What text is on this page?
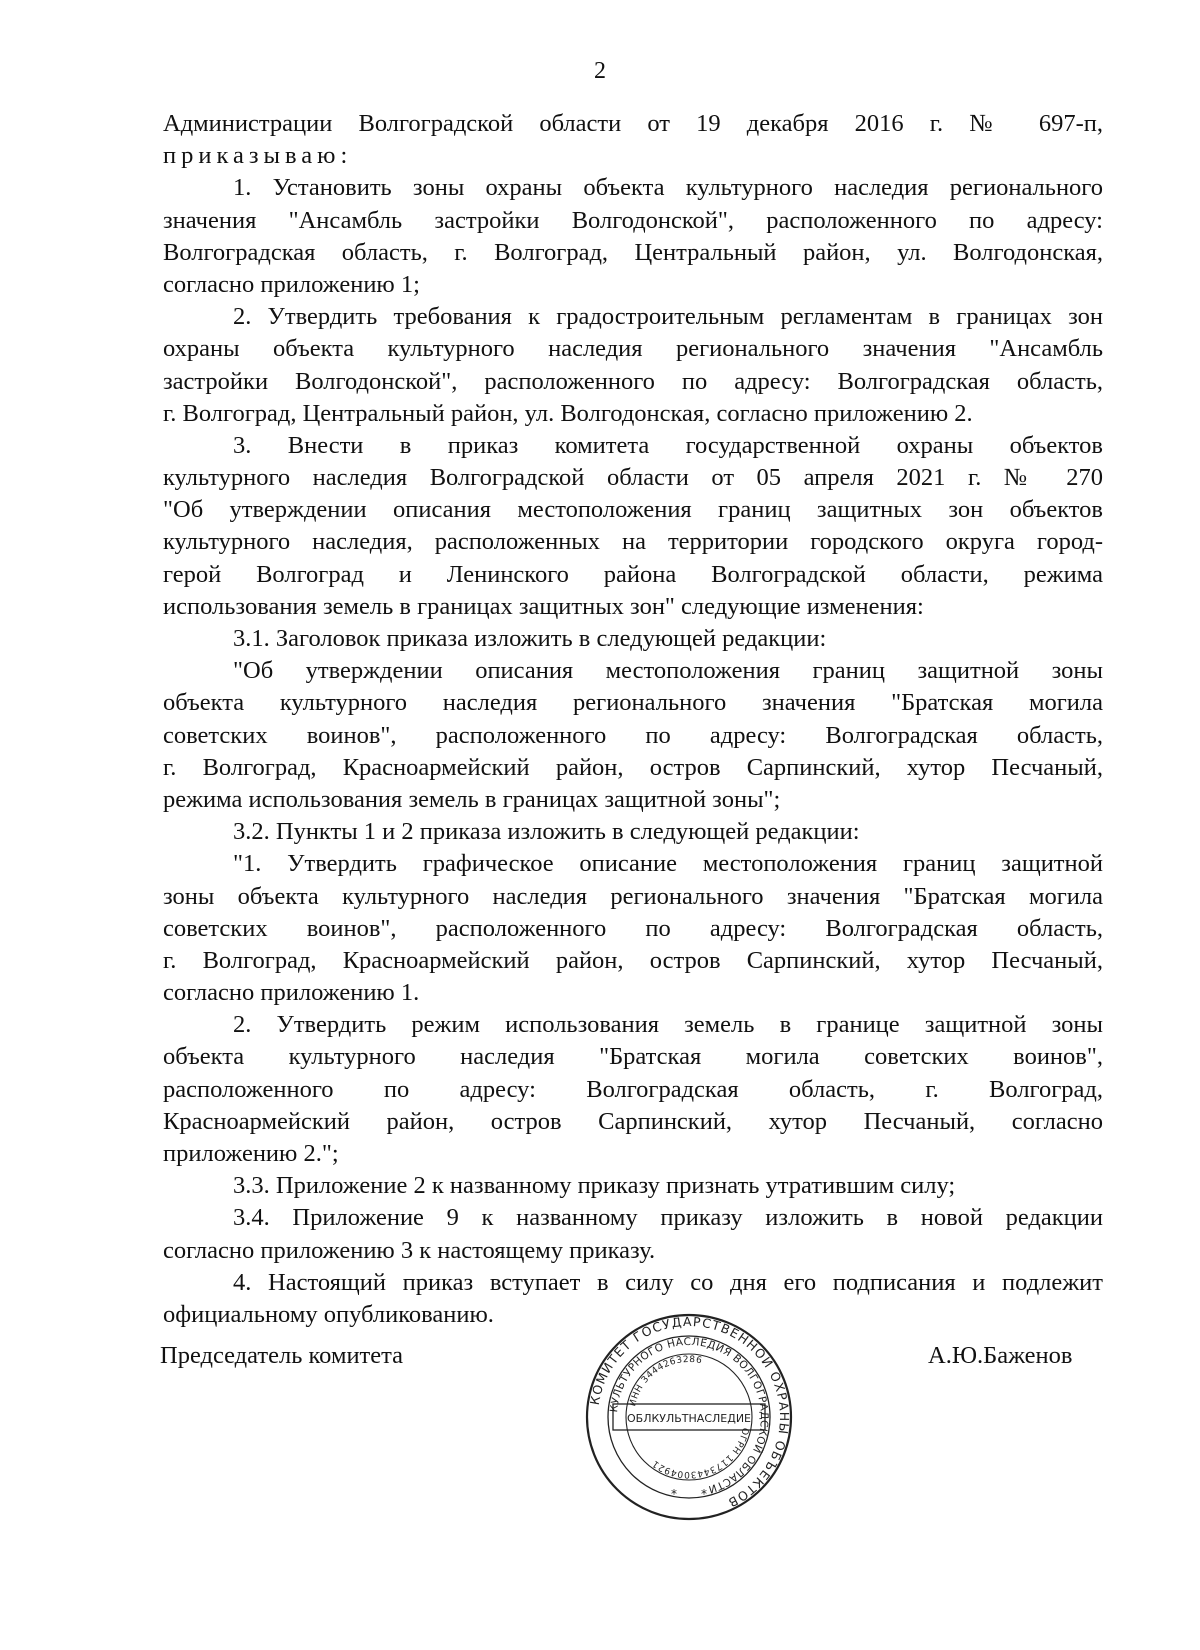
2
Администрации Волгоградской области от 19 декабря 2016 г. № 697-п,
приказываю:
1. Установить зоны охраны объекта культурного наследия регионального
значения "Ансамбль застройки Волгодонской", расположенного по адресу:
Волгоградская область, г. Волгоград, Центральный район, ул. Волгодонская,
согласно приложению 1;
2. Утвердить требования к градостроительным регламентам в границах зон
охраны объекта культурного наследия регионального значения "Ансамбль
застройки Волгодонской", расположенного по адресу: Волгоградская область,
г. Волгоград, Центральный район, ул. Волгодонская, согласно приложению 2.
3. Внести в приказ комитета государственной охраны объектов
культурного наследия Волгоградской области от 05 апреля 2021 г. № 270
"Об утверждении описания местоположения границ защитных зон объектов
культурного наследия, расположенных на территории городского округа город-
герой Волгоград и Ленинского района Волгоградской области, режима
использования земель в границах защитных зон" следующие изменения:
3.1. Заголовок приказа изложить в следующей редакции:
"Об утверждении описания местоположения границ защитной зоны
объекта культурного наследия регионального значения "Братская могила
советских воинов", расположенного по адресу: Волгоградская область,
г. Волгоград, Красноармейский район, остров Сарпинский, хутор Песчаный,
режима использования земель в границах защитной зоны";
3.2. Пункты 1 и 2 приказа изложить в следующей редакции:
"1. Утвердить графическое описание местоположения границ защитной
зоны объекта культурного наследия регионального значения "Братская могила
советских воинов", расположенного по адресу: Волгоградская область,
г. Волгоград, Красноармейский район, остров Сарпинский, хутор Песчаный,
согласно приложению 1.
2. Утвердить режим использования земель в границе защитной зоны
объекта культурного наследия "Братская могила советских воинов",
расположенного по адресу: Волгоградская область, г. Волгоград,
Красноармейский район, остров Сарпинский, хутор Песчаный, согласно
приложению 2.";
3.3. Приложение 2 к названному приказу признать утратившим силу;
3.4. Приложение 9 к названному приказу изложить в новой редакции
согласно приложению 3 к настоящему приказу.
4. Настоящий приказ вступает в силу со дня его подписания и подлежит
официальному опубликованию.
Председатель комитета	А.Ю.Баженов
КОМИТЕТ ГОСУДАРСТВЕННОЙ ОХРАНЫ ОБЪЕКТОВ
КУЛЬТУРНОГО НАСЛЕДИЯ ВОЛГОГРАДСКОЙ ОБЛАСТИ
ИНН 3444263286
ОГРН 1173443004921
ОБЛКУЛЬТНАСЛЕДИЕ
* *
